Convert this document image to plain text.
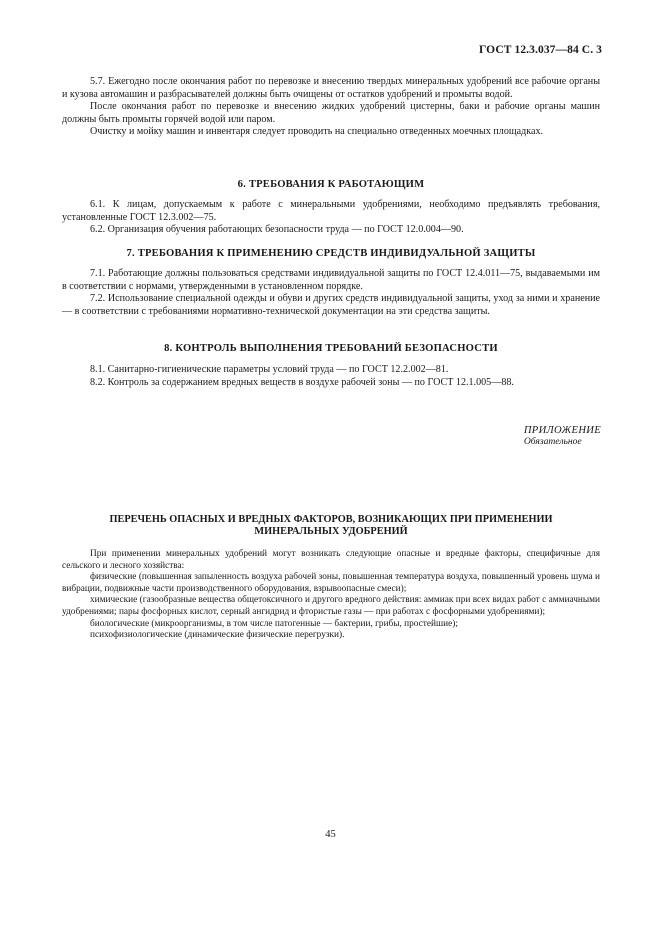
ГОСТ 12.3.037—84 С. 3

5.7. Ежегодно после окончания работ по перевозке и внесению твердых минеральных удобрений все рабочие органы и кузова автомашин и разбрасывателей должны быть очищены от остатков удобрений и промыты водой.

После окончания работ по перевозке и внесению жидких удобрений цистерны, баки и рабочие органы машин должны быть промыты горячей водой или паром.

Очистку и мойку машин и инвентаря следует проводить на специально отведенных моечных площадках.

6. ТРЕБОВАНИЯ К РАБОТАЮЩИМ

6.1. К лицам, допускаемым к работе с минеральными удобрениями, необходимо предъявлять требования, установленные ГОСТ 12.3.002—75.

6.2. Организация обучения работающих безопасности труда — по ГОСТ 12.0.004—90.

7. ТРЕБОВАНИЯ К ПРИМЕНЕНИЮ СРЕДСТВ ИНДИВИДУАЛЬНОЙ ЗАЩИТЫ

7.1. Работающие должны пользоваться средствами индивидуальной защиты по ГОСТ 12.4.011—75, выдаваемыми им в соответствии с нормами, утвержденными в установленном порядке.

7.2. Использование специальной одежды и обуви и других средств индивидуальной защиты, уход за ними и хранение — в соответствии с требованиями нормативно-технической документации на эти средства защиты.

8. КОНТРОЛЬ ВЫПОЛНЕНИЯ ТРЕБОВАНИЙ БЕЗОПАСНОСТИ

8.1. Санитарно-гигиенические параметры условий труда — по ГОСТ 12.2.002—81.

8.2. Контроль за содержанием вредных веществ в воздухе рабочей зоны — по ГОСТ 12.1.005—88.

ПРИЛОЖЕНИЕ
Обязательное
ПЕРЕЧЕНЬ ОПАСНЫХ И ВРЕДНЫХ ФАКТОРОВ, ВОЗНИКАЮЩИХ ПРИ ПРИМЕНЕНИИ
МИНЕРАЛЬНЫХ УДОБРЕНИЙ

При применении минеральных удобрений могут возникать следующие опасные и вредные факторы, специфичные для сельского и лесного хозяйства:

физические (повышенная запыленность воздуха рабочей зоны, повышенная температура воздуха, повышенный уровень шума и вибрации, подвижные части производственного оборудования, взрывоопасные смеси);

химические (газообразные вещества общетоксичного и другого вредного действия: аммиак при всех видах работ с аммиачными удобрениями; пары фосфорных кислот, серный ангидрид и фтористые газы — при работах с фосфорными удобрениями);

биологические (микроорганизмы, в том числе патогенные — бактерии, грибы, простейшие);

психофизиологические (динамические физические перегрузки).

45
